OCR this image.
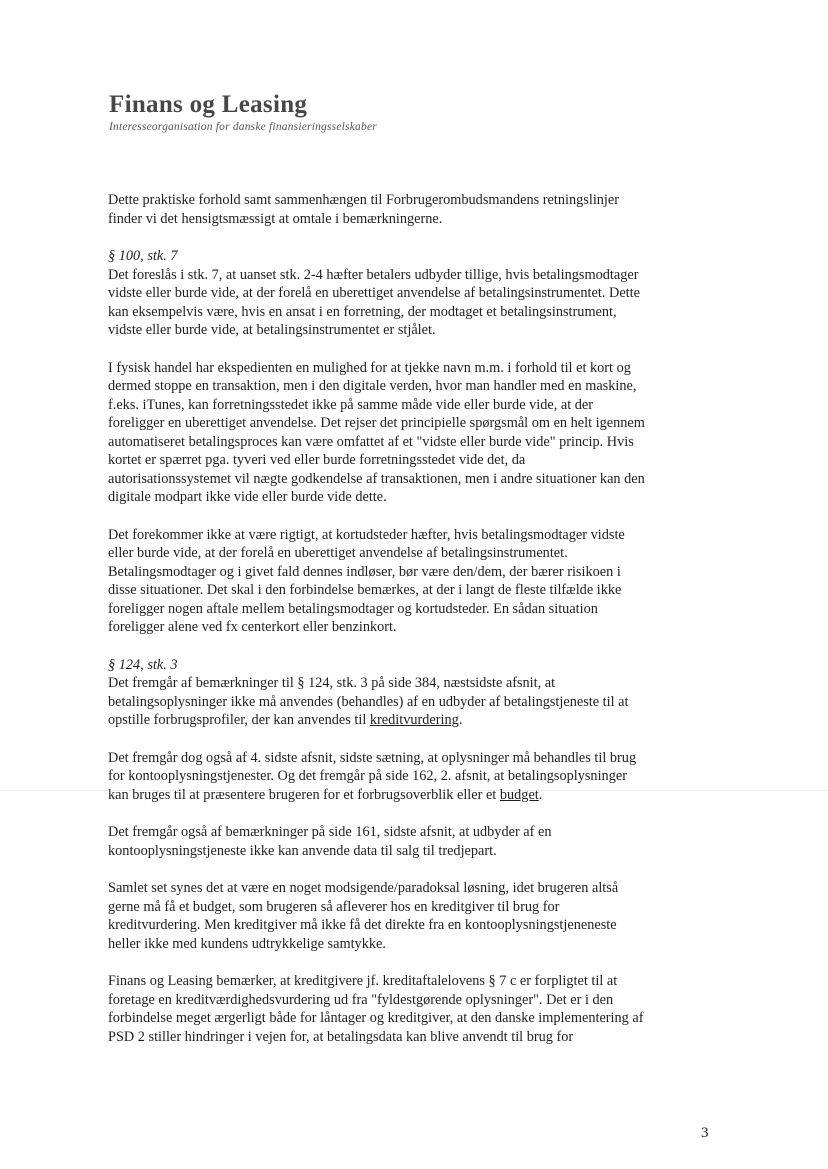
Finans og Leasing
Interesseorganisation for danske finansieringsselskaber
Dette praktiske forhold samt sammenhængen til Forbrugerombudsmandens retningslinjer
finder vi det hensigtsmæssigt at omtale i bemærkningerne.
§ 100, stk. 7
Det foreslås i stk. 7, at uanset stk. 2-4 hæfter betalers udbyder tillige, hvis betalingsmodtager
vidste eller burde vide, at der forelå en uberettiget anvendelse af betalingsinstrumentet. Dette
kan eksempelvis være, hvis en ansat i en forretning, der modtaget et betalingsinstrument,
vidste eller burde vide, at betalingsinstrumentet er stjålet.
I fysisk handel har ekspedienten en mulighed for at tjekke navn m.m. i forhold til et kort og
dermed stoppe en transaktion, men i den digitale verden, hvor man handler med en maskine,
f.eks. iTunes, kan forretningsstedet ikke på samme måde vide eller burde vide, at der
foreligger en uberettiget anvendelse. Det rejser det principielle spørgsmål om en helt igennem
automatiseret betalingsproces kan være omfattet af et "vidste eller burde vide" princip. Hvis
kortet er spærret pga. tyveri ved eller burde forretningsstedet vide det, da
autorisationssystemet vil nægte godkendelse af transaktionen, men i andre situationer kan den
digitale modpart ikke vide eller burde vide dette.
Det forekommer ikke at være rigtigt, at kortudsteder hæfter, hvis betalingsmodtager vidste
eller burde vide, at der forelå en uberettiget anvendelse af betalingsinstrumentet.
Betalingsmodtager og i givet fald dennes indløser, bør være den/dem, der bærer risikoen i
disse situationer. Det skal i den forbindelse bemærkes, at der i langt de fleste tilfælde ikke
foreligger nogen aftale mellem betalingsmodtager og kortudsteder. En sådan situation
foreligger alene ved fx centerkort eller benzinkort.
§ 124, stk. 3
Det fremgår af bemærkninger til § 124, stk. 3 på side 384, næstsidste afsnit, at
betalingsoplysninger ikke må anvendes (behandles) af en udbyder af betalingstjeneste til at
opstille forbrugsprofiler, der kan anvendes til kreditvurdering.
Det fremgår dog også af 4. sidste afsnit, sidste sætning, at oplysninger må behandles til brug
for kontooplysningstjenester. Og det fremgår på side 162, 2. afsnit, at betalingsoplysninger
kan bruges til at præsentere brugeren for et forbrugsoverblik eller et budget.
Det fremgår også af bemærkninger på side 161, sidste afsnit, at udbyder af en
kontooplysningstjeneste ikke kan anvende data til salg til tredjepart.
Samlet set synes det at være en noget modsigende/paradoksal løsning, idet brugeren altså
gerne må få et budget, som brugeren så afleverer hos en kreditgiver til brug for
kreditvurdering. Men kreditgiver må ikke få det direkte fra en kontooplysningstjeneneste
heller ikke med kundens udtrykkelige samtykke.
Finans og Leasing bemærker, at kreditgivere jf. kreditaftalelovens § 7 c er forpligtet til at
foretage en kreditværdighedsvurdering ud fra "fyldestgørende oplysninger". Det er i den
forbindelse meget ærgerligt både for låntager og kreditgiver, at den danske implementering af
PSD 2 stiller hindringer i vejen for, at betalingsdata kan blive anvendt til brug for
3
